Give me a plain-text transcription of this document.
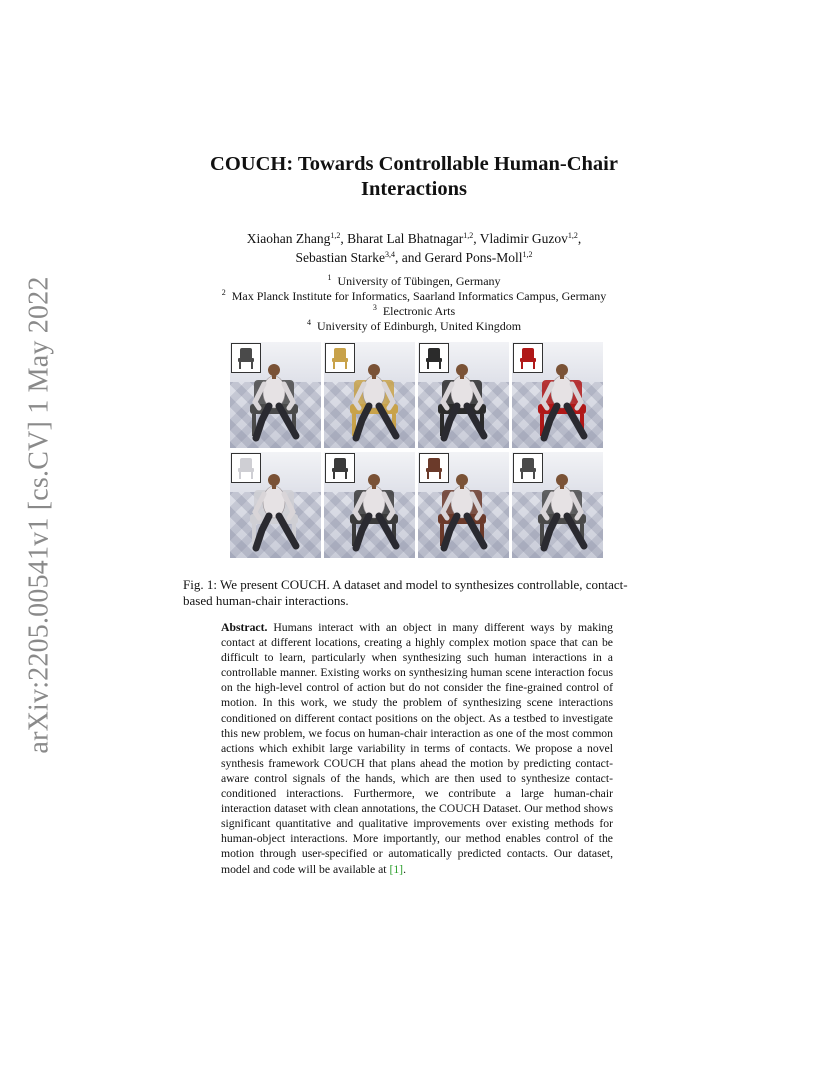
arXiv:2205.00541v1 [cs.CV] 1 May 2022
COUCH: Towards Controllable Human-Chair
Interactions
Xiaohan Zhang$^{1,2}$, Bharat Lal Bhatnagar$^{1,2}$, Vladimir Guzov$^{1,2}$,
Sebastian Starke$^{3,4}$, and Gerard Pons-Moll$^{1,2}$
$^1$ University of Tübingen, Germany
$^2$ Max Planck Institute for Informatics, Saarland Informatics Campus, Germany
$^3$ Electronic Arts
$^4$ University of Edinburgh, United Kingdom
Fig. 1: We present COUCH. A dataset and model to synthesizes controllable, contact-based human-chair interactions.
Abstract. Humans interact with an object in many different ways by making contact at different locations, creating a highly complex motion space that can be difficult to learn, particularly when synthesizing such human interactions in a controllable manner. Existing works on synthesizing human scene interaction focus on the high-level control of action but do not consider the fine-grained control of motion. In this work, we study the problem of synthesizing scene interactions conditioned on different contact positions on the object. As a testbed to investigate this new problem, we focus on human-chair interaction as one of the most common actions which exhibit large variability in terms of contacts. We propose a novel synthesis framework COUCH that plans ahead the motion by predicting contact-aware control signals of the hands, which are then used to synthesize contact-conditioned interactions. Furthermore, we contribute a large human-chair interaction dataset with clean annotations, the COUCH Dataset. Our method shows significant quantitative and qualitative improvements over existing methods for human-object interactions. More importantly, our method enables control of the motion through user-specified or automatically predicted contacts. Our dataset, model and code will be available at [1].
